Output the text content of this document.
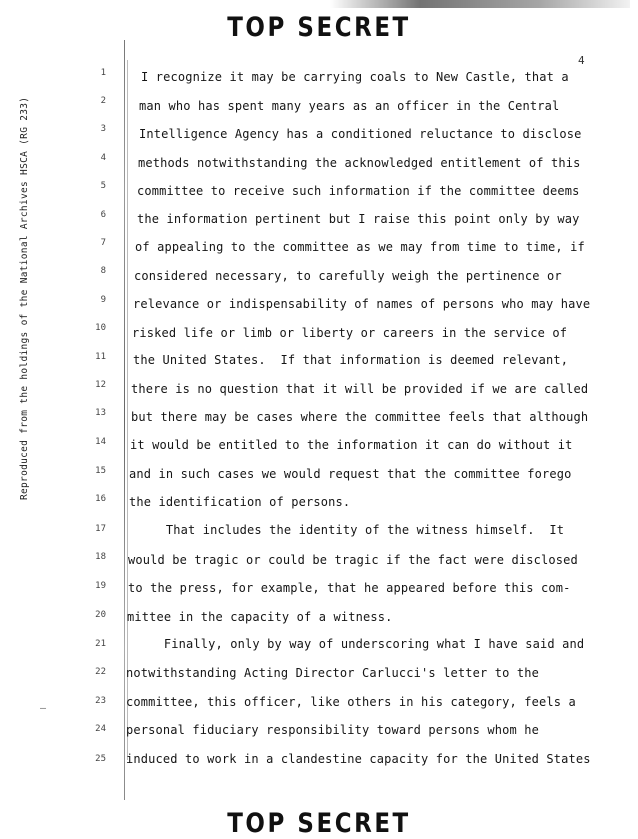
TOP SECRET
4
Reproduced from the holdings of the National Archives HSCA (RG 233)
–
1	I recognize it may be carrying coals to New Castle, that a
2	man who has spent many years as an officer in the Central
3	Intelligence Agency has a conditioned reluctance to disclose
4	methods notwithstanding the acknowledged entitlement of this
5	committee to receive such information if the committee deems
6	the information pertinent but I raise this point only by way
7 of appealing to the committee as we may from time to time, if
8 considered necessary, to carefully weigh the pertinence or
9 relevance or indispensability of names of persons who may have
10 risked life or limb or liberty or careers in the service of
11 the United States.  If that information is deemed relevant,
12 there is no question that it will be provided if we are called
13 but there may be cases where the committee feels that although
14 it would be entitled to the information it can do without it
15 and in such cases we would request that the committee forego
16 the identification of persons.
17 That includes the identity of the witness himself.  It
18 would be tragic or could be tragic if the fact were disclosed
19 to the press, for example, that he appeared before this com-
20 mittee in the capacity of a witness.
21 Finally, only by way of underscoring what I have said and
22 notwithstanding Acting Director Carlucci's letter to the
23 committee, this officer, like others in his category, feels a
24 personal fiduciary responsibility toward persons whom he
25 induced to work in a clandestine capacity for the United States
TOP SECRET
